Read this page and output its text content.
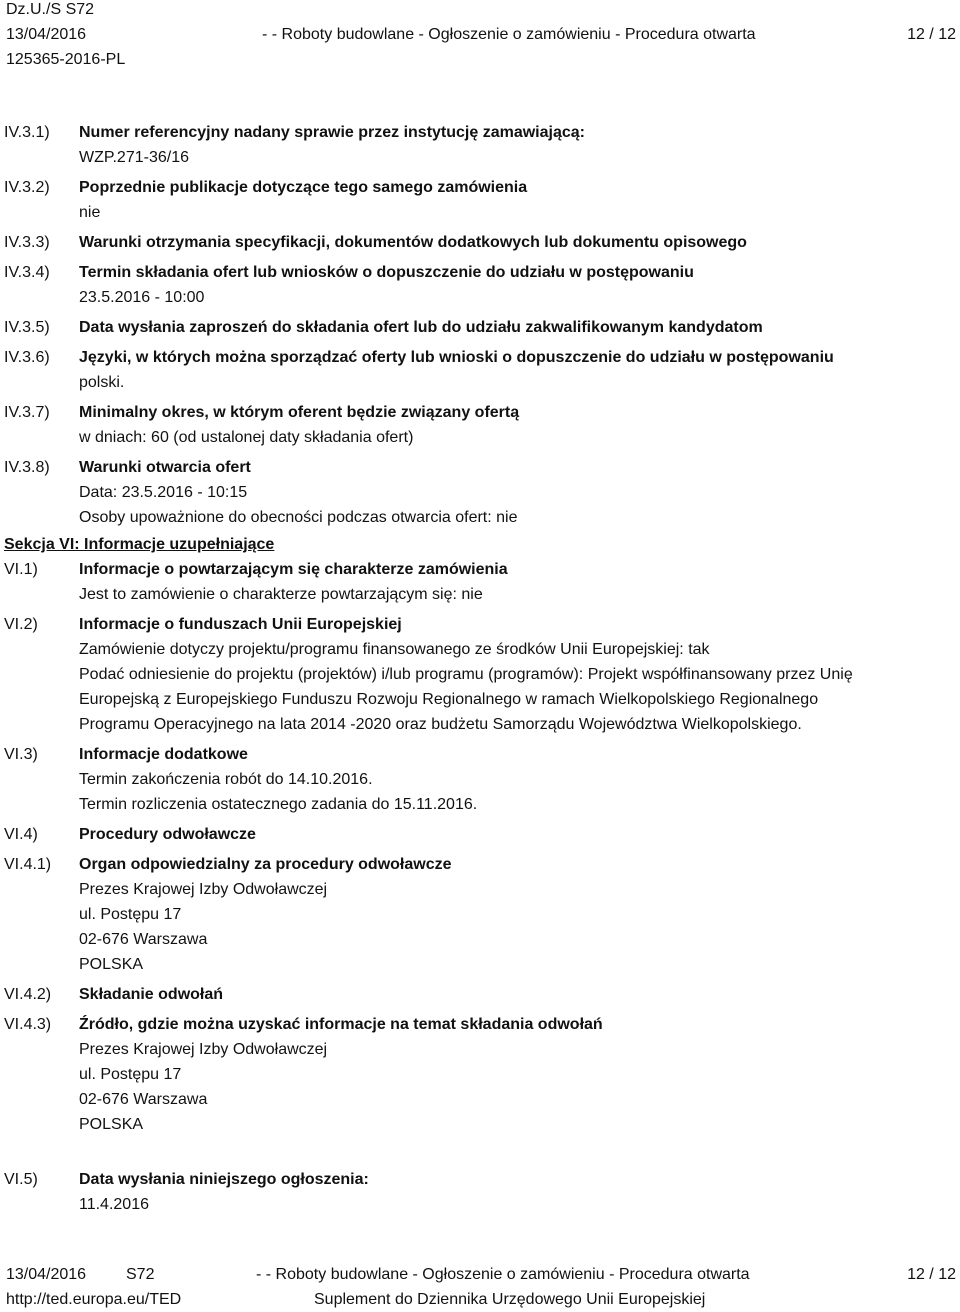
Dz.U./S S72
13/04/2016	- - Roboty budowlane - Ogłoszenie o zamówieniu - Procedura otwarta	12 / 12
125365-2016-PL
IV.3.1) Numer referencyjny nadany sprawie przez instytucję zamawiającą:
WZP.271-36/16
IV.3.2) Poprzednie publikacje dotyczące tego samego zamówienia
nie
IV.3.3) Warunki otrzymania specyfikacji, dokumentów dodatkowych lub dokumentu opisowego
IV.3.4) Termin składania ofert lub wniosków o dopuszczenie do udziału w postępowaniu
23.5.2016 - 10:00
IV.3.5) Data wysłania zaproszeń do składania ofert lub do udziału zakwalifikowanym kandydatom
IV.3.6) Języki, w których można sporządzać oferty lub wnioski o dopuszczenie do udziału w postępowaniu
polski.
IV.3.7) Minimalny okres, w którym oferent będzie związany ofertą
w dniach: 60 (od ustalonej daty składania ofert)
IV.3.8) Warunki otwarcia ofert
Data: 23.5.2016 - 10:15
Osoby upoważnione do obecności podczas otwarcia ofert: nie
Sekcja VI: Informacje uzupełniające
VI.1)	Informacje o powtarzającym się charakterze zamówienia
Jest to zamówienie o charakterze powtarzającym się: nie
VI.2)	Informacje o funduszach Unii Europejskiej
Zamówienie dotyczy projektu/programu finansowanego ze środków Unii Europejskiej: tak
Podać odniesienie do projektu (projektów) i/lub programu (programów): Projekt współfinansowany przez Unię
Europejską z Europejskiego Funduszu Rozwoju Regionalnego w ramach Wielkopolskiego Regionalnego
Programu Operacyjnego na lata 2014 -2020 oraz budżetu Samorządu Województwa Wielkopolskiego.
VI.3)	Informacje dodatkowe
Termin zakończenia robót do 14.10.2016.
Termin rozliczenia ostatecznego zadania do 15.11.2016.
VI.4)	Procedury odwoławcze
VI.4.1) Organ odpowiedzialny za procedury odwoławcze
Prezes Krajowej Izby Odwoławczej
ul. Postępu 17
02-676 Warszawa
POLSKA
VI.4.2) Składanie odwołań
VI.4.3) Źródło, gdzie można uzyskać informacje na temat składania odwołań
Prezes Krajowej Izby Odwoławczej
ul. Postępu 17
02-676 Warszawa
POLSKA
VI.5)	Data wysłania niniejszego ogłoszenia:
11.4.2016
13/04/2016 S72	- - Roboty budowlane - Ogłoszenie o zamówieniu - Procedura otwarta	12 / 12
http://ted.europa.eu/TED	Suplement do Dziennika Urzędowego Unii Europejskiej
